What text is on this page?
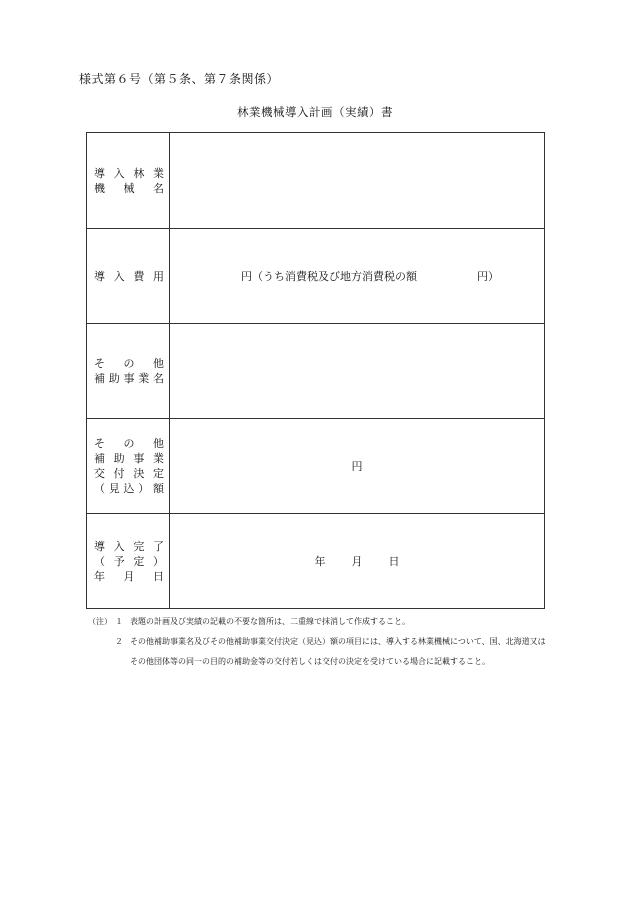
様式第６号（第５条、第７条関係）
林業機械導入計画（実績）書
導入林業
機械名	

導入費用	円（うち消費税及び地方消費税の額 円）

その他
補助事業名	

その他
補助事業
交付決定
（見込）額	円

導入完了
（予定）
年月日	年 月 日
（注） １ 表題の計画及び実績の記載の不要な箇所は、二重線で抹消して作成すること。
２ その他補助事業名及びその他補助事業交付決定（見込）額の項目には、導入する林業機械について、国、北海道又はその他団体等の同一の目的の補助金等の交付若しくは交付の決定を受けている場合に記載すること。
